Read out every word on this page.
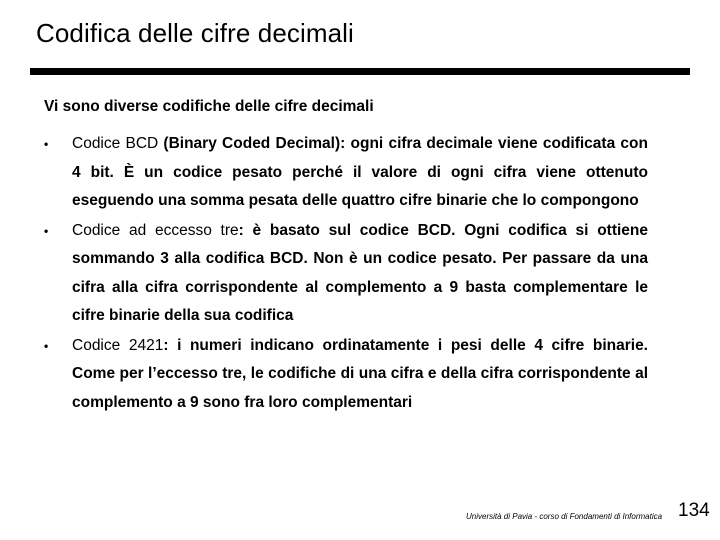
Codifica delle cifre decimali
Vi sono diverse codifiche delle cifre decimali
•	Codice BCD (Binary Coded Decimal): ogni cifra decimale viene codificata con 4 bit. È un codice pesato perché il valore di ogni cifra viene ottenuto eseguendo una somma pesata delle quattro cifre binarie che lo compongono
•	Codice ad eccesso tre: è basato sul codice BCD. Ogni codifica si ottiene sommando 3 alla codifica BCD. Non è un codice pesato. Per passare da una cifra alla cifra corrispondente al complemento a 9 basta complementare le cifre binarie della sua codifica
•	Codice 2421: i numeri indicano ordinatamente i pesi delle 4 cifre binarie. Come per l’eccesso tre, le codifiche di una cifra e della cifra corrispondente al complemento a 9 sono fra loro complementari
Università di Pavia - corso di Fondamenti di Informatica 134
